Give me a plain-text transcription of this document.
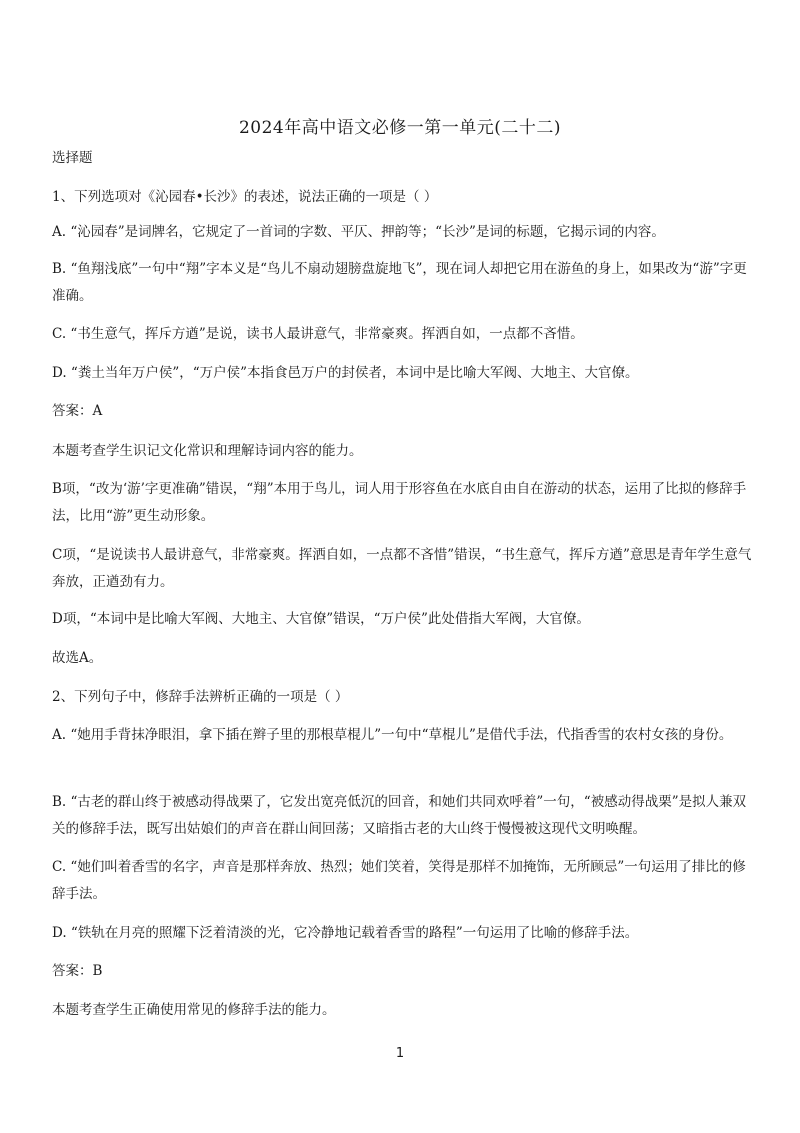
2024年高中语文必修一第一单元(二十二)
选择题
1、下列选项对《沁园春•长沙》的表述，说法正确的一项是（ ）
A. “沁园春”是词牌名，它规定了一首词的字数、平仄、押韵等；“长沙”是词的标题，它揭示词的内容。
B. “鱼翔浅底”一句中“翔”字本义是“鸟儿不扇动翅膀盘旋地飞”，现在词人却把它用在游鱼的身上，如果改为“游”字更准确。
C. “书生意气，挥斥方遒”是说，读书人最讲意气，非常豪爽。挥洒自如，一点都不吝惜。
D. “粪土当年万户侯”，“万户侯”本指食邑万户的封侯者，本词中是比喻大军阀、大地主、大官僚。
答案：A
本题考查学生识记文化常识和理解诗词内容的能力。
B项，“改为‘游’字更准确”错误，“翔”本用于鸟儿，词人用于形容鱼在水底自由自在游动的状态，运用了比拟的修辞手法，比用“游”更生动形象。
C项，“是说读书人最讲意气，非常豪爽。挥洒自如，一点都不吝惜”错误，“书生意气，挥斥方遒”意思是青年学生意气奔放，正遒劲有力。
D项，“本词中是比喻大军阀、大地主、大官僚”错误，“万户侯”此处借指大军阀，大官僚。
故选A。
2、下列句子中，修辞手法辨析正确的一项是（ ）
A. “她用手背抹净眼泪，拿下插在辫子里的那根草棍儿”一句中“草棍儿”是借代手法，代指香雪的农村女孩的身份。
B. “古老的群山终于被感动得战栗了，它发出宽亮低沉的回音，和她们共同欢呼着”一句，“被感动得战栗”是拟人兼双关的修辞手法，既写出姑娘们的声音在群山间回荡；又暗指古老的大山终于慢慢被这现代文明唤醒。
C. “她们叫着香雪的名字，声音是那样奔放、热烈；她们笑着，笑得是那样不加掩饰，无所顾忌”一句运用了排比的修辞手法。
D. “铁轨在月亮的照耀下泛着清淡的光，它冷静地记载着香雪的路程”一句运用了比喻的修辞手法。
答案：B
本题考查学生正确使用常见的修辞手法的能力。
1
